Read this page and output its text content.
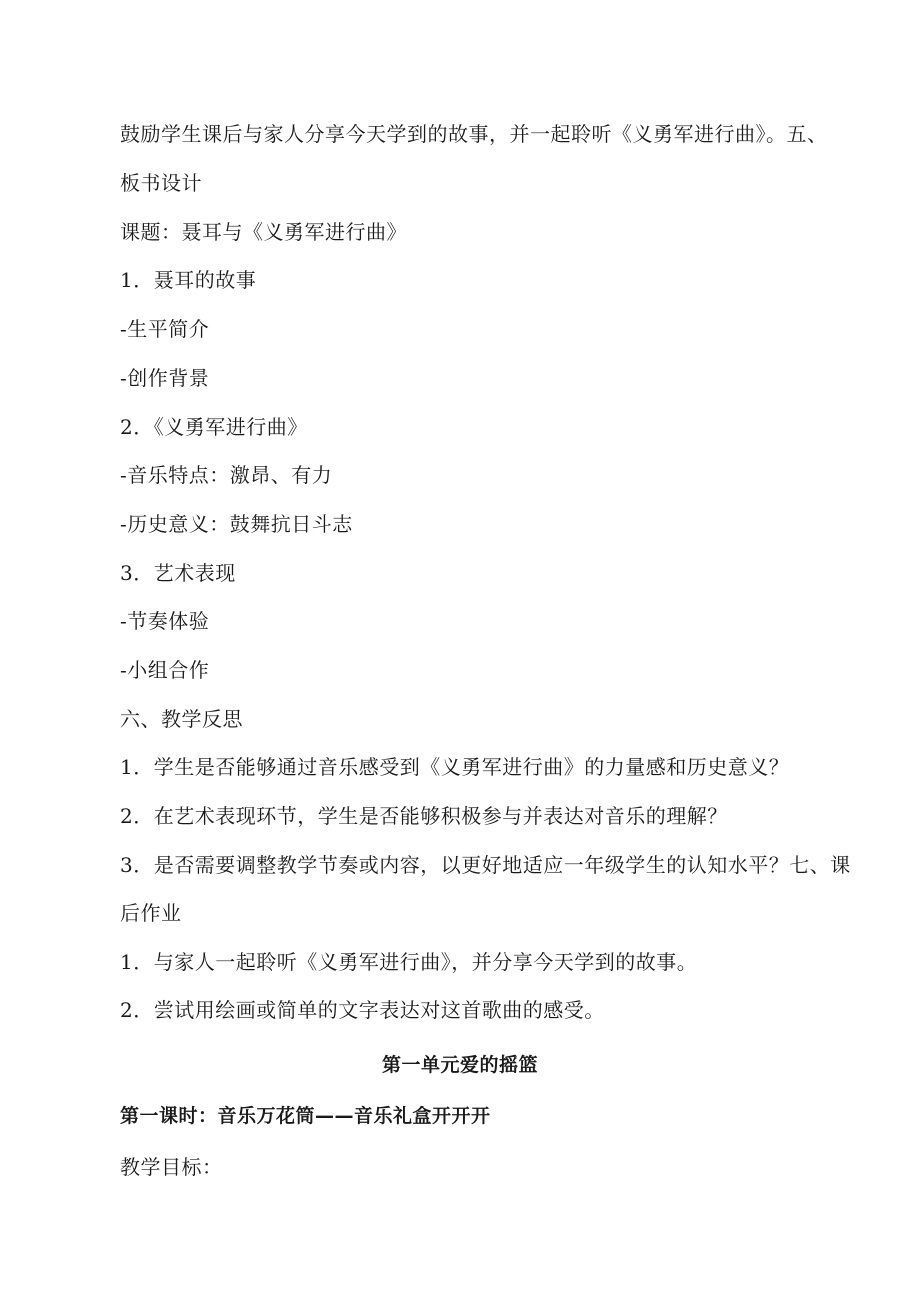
鼓励学生课后与家人分享今天学到的故事，并一起聆听《义勇军进行曲》。五、
板书设计
课题：聂耳与《义勇军进行曲》
1．聂耳的故事
-生平简介
-创作背景
2．《义勇军进行曲》
-音乐特点：激昂、有力
-历史意义：鼓舞抗日斗志
3．艺术表现
-节奏体验
-小组合作
六、教学反思
1．学生是否能够通过音乐感受到《义勇军进行曲》的力量感和历史意义？
2．在艺术表现环节，学生是否能够积极参与并表达对音乐的理解？
3．是否需要调整教学节奏或内容，以更好地适应一年级学生的认知水平？七、课
后作业
1．与家人一起聆听《义勇军进行曲》，并分享今天学到的故事。
2．尝试用绘画或简单的文字表达对这首歌曲的感受。
第一单元爱的摇篮
第一课时：音乐万花筒——音乐礼盒开开开
教学目标：
